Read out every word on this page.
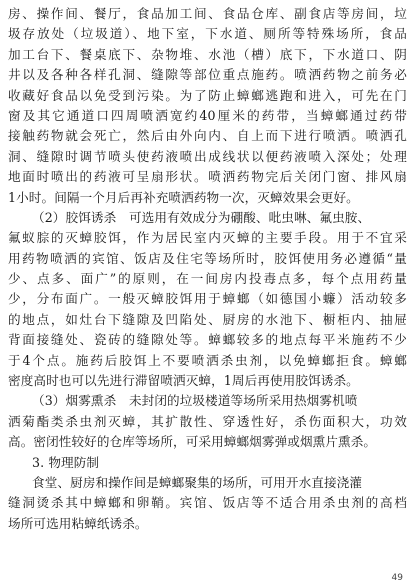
房、操作间、餐厅，食品加工间、食品仓库、副食店等房间，垃
圾存放处（垃圾道）、地下室，下水道、厕所等特殊场所，食品
加工台下、餐桌底下、杂物堆、水池（槽）底下，下水道口、阴
井以及各种各样孔洞、缝隙等部位重点施药。喷洒药物之前务必
收藏好食品以免受到污染。为了防止蟑螂逃跑和进入，可先在门
窗及其它通道口四周喷洒宽约40厘米的药带，当蟑螂通过药带
接触药物就会死亡，然后由外向内、自上而下进行喷洒。喷洒孔
洞、缝隙时调节喷头使药液喷出成线状以便药液喷入深处；处理
地面时喷出的药液可呈扇形状。喷洒药物完后关闭门窗、排风扇
1小时。间隔一个月后再补充喷洒药物一次，灭蟑效果会更好。
（2）胶饵诱杀　可选用有效成分为硼酸、吡虫啉、氟虫胺、
氟蚁腙的灭蟑胶饵，作为居民室内灭蟑的主要手段。用于不宜采
用药物喷洒的宾馆、饭店及住宅等场所时，胶饵使用务必遵循“量
少、点多、面广”的原则，在一间房内投毒点多，每个点用药量
少，分布面广。一般灭蟑胶饵用于蟑螂（如德国小蠊）活动较多
的地点，如灶台下缝隙及凹陷处、厨房的水池下、橱柜内、抽屉
背面接缝处、瓷砖的缝隙处等。蟑螂较多的地点每平米施药不少
于4个点。施药后胶饵上不要喷洒杀虫剂，以免蟑螂拒食。蟑螂
密度高时也可以先进行滞留喷洒灭蟑，1周后再使用胶饵诱杀。
（3）烟雾熏杀　未封闭的垃圾楼道等场所采用热烟雾机喷
洒菊酯类杀虫剂灭蟑，其扩散性、穿透性好，杀伤面积大，功效
高。密闭性较好的仓库等场所，可采用蟑螂烟雾弹或烟熏片熏杀。
3. 物理防制
食堂、厨房和操作间是蟑螂聚集的场所，可用开水直接浇灌
缝洞烫杀其中蟑螂和卵鞘。宾馆、饭店等不适合用杀虫剂的高档
场所可选用粘蟑纸诱杀。
49
